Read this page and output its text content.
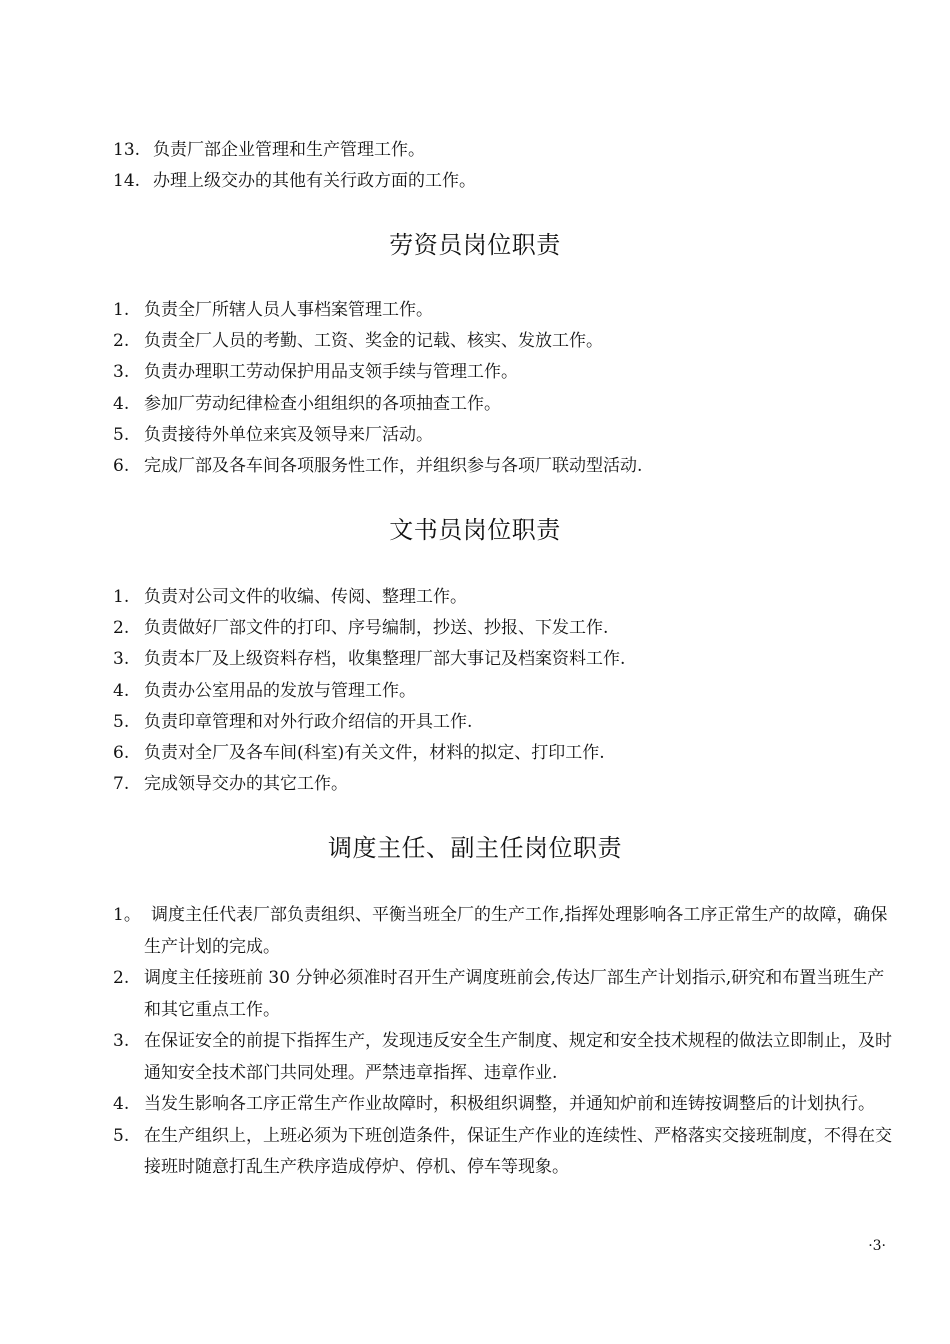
13. 负责厂部企业管理和生产管理工作。
14. 办理上级交办的其他有关行政方面的工作。
劳资员岗位职责
1. 负责全厂所辖人员人事档案管理工作。
2. 负责全厂人员的考勤、工资、奖金的记载、核实、发放工作。
3. 负责办理职工劳动保护用品支领手续与管理工作。
4. 参加厂劳动纪律检查小组组织的各项抽查工作。
5. 负责接待外单位来宾及领导来厂活动。
6. 完成厂部及各车间各项服务性工作，并组织参与各项厂联动型活动.
文书员岗位职责
1. 负责对公司文件的收编、传阅、整理工作。
2. 负责做好厂部文件的打印、序号编制，抄送、抄报、下发工作.
3. 负责本厂及上级资料存档，收集整理厂部大事记及档案资料工作.
4. 负责办公室用品的发放与管理工作。
5. 负责印章管理和对外行政介绍信的开具工作.
6. 负责对全厂及各车间(科室)有关文件，材料的拟定、打印工作.
7. 完成领导交办的其它工作。
调度主任、副主任岗位职责
1。 调度主任代表厂部负责组织、平衡当班全厂的生产工作,指挥处理影响各工序正常生产的故障，确保生产计划的完成。
2. 调度主任接班前 30 分钟必须准时召开生产调度班前会,传达厂部生产计划指示,研究和布置当班生产和其它重点工作。
3. 在保证安全的前提下指挥生产，发现违反安全生产制度、规定和安全技术规程的做法立即制止，及时通知安全技术部门共同处理。严禁违章指挥、违章作业.
4. 当发生影响各工序正常生产作业故障时，积极组织调整，并通知炉前和连铸按调整后的计划执行。
5. 在生产组织上，上班必须为下班创造条件，保证生产作业的连续性、严格落实交接班制度，不得在交接班时随意打乱生产秩序造成停炉、停机、停车等现象。
·3·
